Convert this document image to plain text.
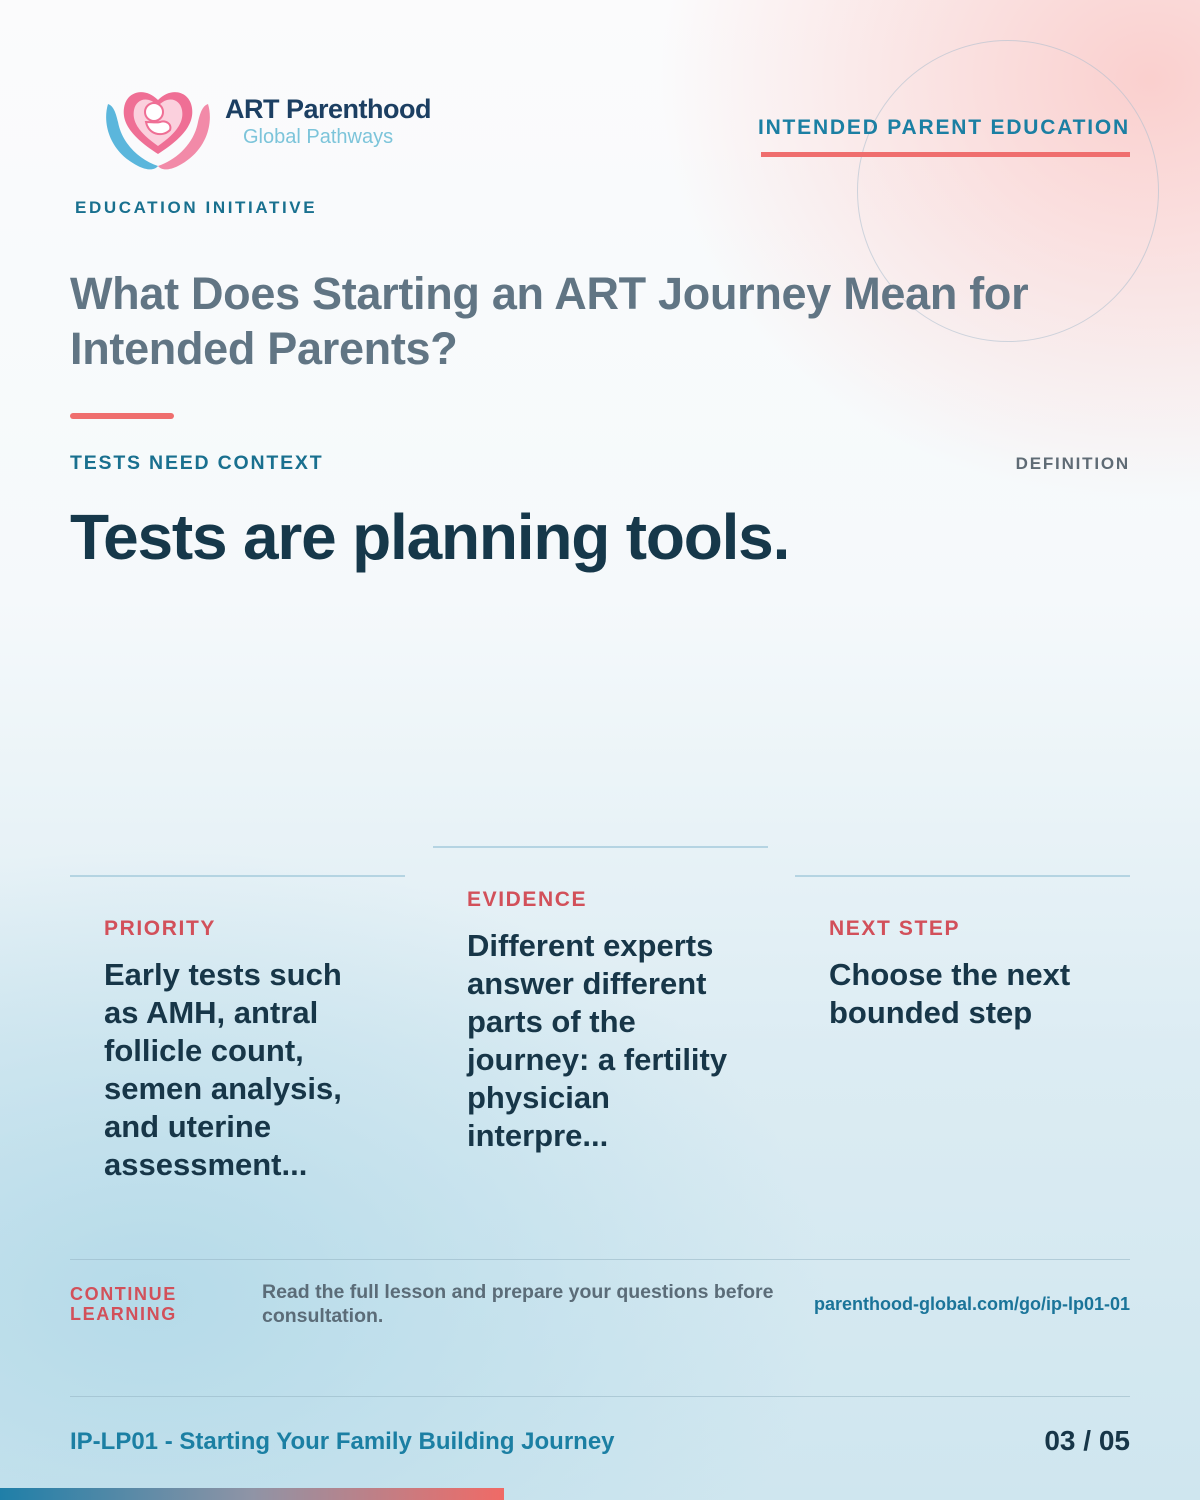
ART Parenthood
Global Pathways
EDUCATION INITIATIVE
INTENDED PARENT EDUCATION
What Does Starting an ART Journey Mean for Intended Parents?
TESTS NEED CONTEXT	DEFINITION
Tests are planning tools.
PRIORITY
Early tests such as AMH, antral follicle count, semen analysis, and uterine assessment...
EVIDENCE
Different experts answer different parts of the journey: a fertility physician interpre...
NEXT STEP
Choose the next bounded step
CONTINUE LEARNING
Read the full lesson and prepare your questions before consultation.
parenthood-global.com/go/ip-lp01-01
IP-LP01 - Starting Your Family Building Journey	03 / 05
